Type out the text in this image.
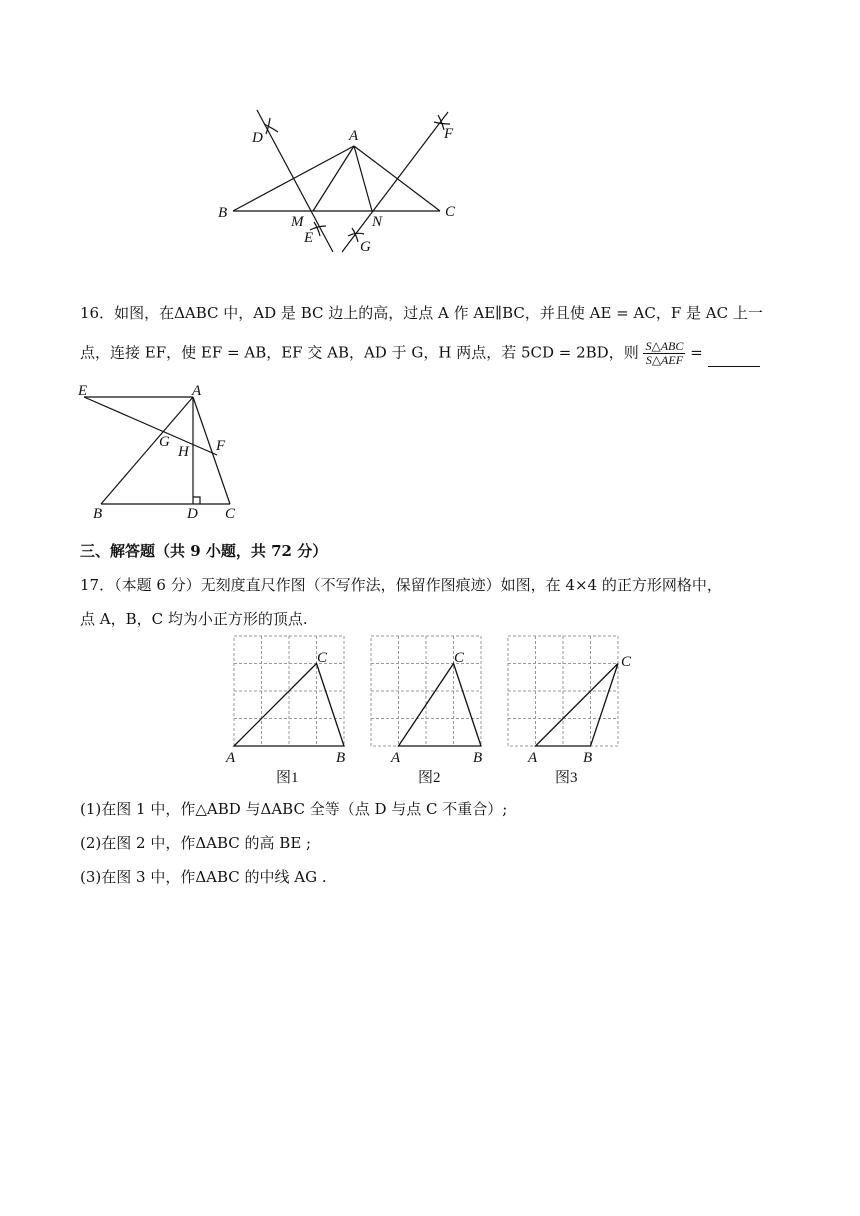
D	A	F
B
M	N
C
E
G
16．如图，在ΔABC 中，AD 是 BC 边上的高，过点 A 作 AE∥BC，并且使 AE = AC，F 是 AC 上一
点，连接 EF，使 EF = AB，EF 交 AB，AD 于 G，H 两点，若 5CD = 2BD，则 $\frac{\text{S△ABC}}{\text{S△AEF}}$ =
E	A
G
H F
B	D C
三、解答题（共 9 小题，共 72 分）
17．（本题 6 分）无刻度直尺作图（不写作法，保留作图痕迹）如图，在 4×4 的正方形网格中，
点 A，B，C 均为小正方形的顶点.
C
A	B
图1
C
A	B
图2
C
A	B
图3
(1)在图 1 中，作△ABD 与ΔABC 全等（点 D 与点 C 不重合）;
(2)在图 2 中，作ΔABC 的高 BE ;
(3)在图 3 中，作ΔABC 的中线 AG .
